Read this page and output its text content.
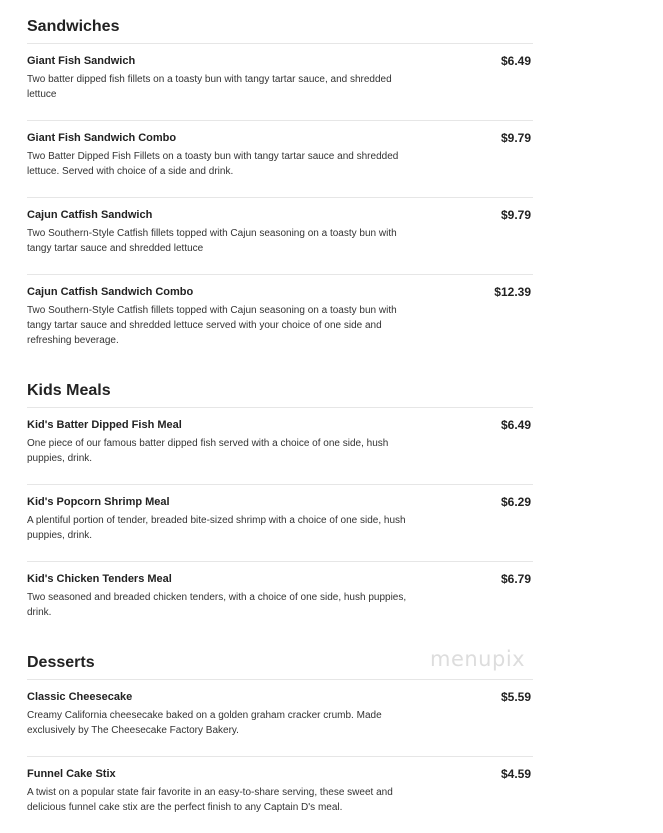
Sandwiches
Giant Fish Sandwich	$6.49
Two batter dipped fish fillets on a toasty bun with tangy tartar sauce, and shredded lettuce
Giant Fish Sandwich Combo	$9.79
Two Batter Dipped Fish Fillets on a toasty bun with tangy tartar sauce and shredded lettuce. Served with choice of a side and drink.
Cajun Catfish Sandwich	$9.79
Two Southern-Style Catfish fillets topped with Cajun seasoning on a toasty bun with tangy tartar sauce and shredded lettuce
Cajun Catfish Sandwich Combo	$12.39
Two Southern-Style Catfish fillets topped with Cajun seasoning on a toasty bun with tangy tartar sauce and shredded lettuce served with your choice of one side and refreshing beverage.
Kids Meals
Kid's Batter Dipped Fish Meal	$6.49
One piece of our famous batter dipped fish served with a choice of one side, hush puppies, drink.
Kid's Popcorn Shrimp Meal	$6.29
A plentiful portion of tender, breaded bite-sized shrimp with a choice of one side, hush puppies, drink.
Kid's Chicken Tenders Meal	$6.79
Two seasoned and breaded chicken tenders, with a choice of one side, hush puppies, drink.
Desserts
Classic Cheesecake	$5.59
Creamy California cheesecake baked on a golden graham cracker crumb. Made exclusively by The Cheesecake Factory Bakery.
Funnel Cake Stix	$4.59
A twist on a popular state fair favorite in an easy-to-share serving, these sweet and delicious funnel cake stix are the perfect finish to any Captain D's meal.
menupix
